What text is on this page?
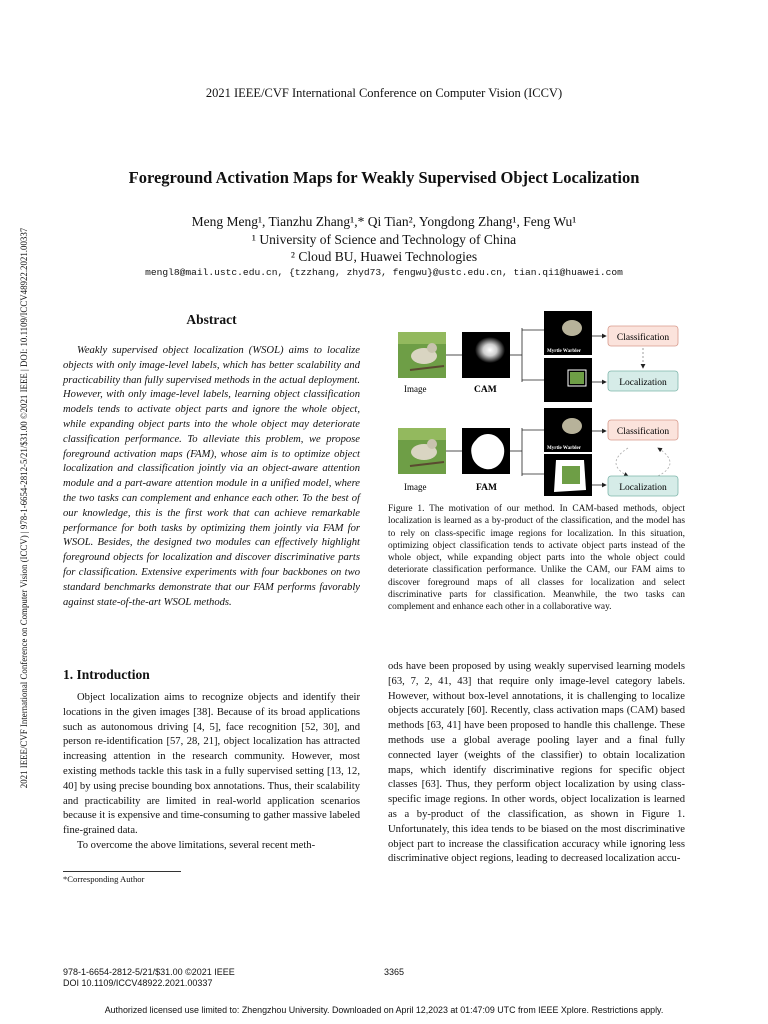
2021 IEEE/CVF International Conference on Computer Vision (ICCV) | 978-1-6654-2812-5/21/$31.00 ©2021 IEEE | DOI: 10.1109/ICCV48922.2021.00337
2021 IEEE/CVF International Conference on Computer Vision (ICCV)
Foreground Activation Maps for Weakly Supervised Object Localization
Meng Meng¹, Tianzhu Zhang¹,* Qi Tian², Yongdong Zhang¹, Feng Wu¹
¹ University of Science and Technology of China
² Cloud BU, Huawei Technologies
mengl8@mail.ustc.edu.cn, {tzzhang, zhyd73, fengwu}@ustc.edu.cn, tian.qi1@huawei.com
Abstract
Weakly supervised object localization (WSOL) aims to localize objects with only image-level labels, which has better scalability and practicability than fully supervised methods in the actual deployment. However, with only image-level labels, learning object classification models tends to activate object parts and ignore the whole object, while expanding object parts into the whole object may deteriorate classification performance. To alleviate this problem, we propose foreground activation maps (FAM), whose aim is to optimize object localization and classification jointly via an object-aware attention module and a part-aware attention module in a unified model, where the two tasks can complement and enhance each other. To the best of our knowledge, this is the first work that can achieve remarkable performance for both tasks by optimizing them jointly via FAM for WSOL. Besides, the designed two modules can effectively highlight foreground objects for localization and discover discriminative parts for classification. Extensive experiments with four backbones on two standard benchmarks demonstrate that our FAM performs favorably against state-of-the-art WSOL methods.
1. Introduction

Object localization aims to recognize objects and identify their locations in the given images [38]. Because of its broad applications such as autonomous driving [4, 5], face recognition [52, 30], and person re-identification [57, 28, 21], object localization has attracted increasing attention in the research community. However, most existing methods tackle this task in a fully supervised setting [13, 12, 40] by using precise bounding box annotations. Thus, their scalability and practicability are limited in real-world application scenarios because it is expensive and time-consuming to gather massive labeled fine-grained data.

To overcome the above limitations, several recent meth-

Image	CAM
Myrtle Warbler
Classification
Localization
Image	FAM
Myrtle Warbler
Classification
Localization
Figure 1. The motivation of our method. In CAM-based methods, object localization is learned as a by-product of the classification, and the model has to rely on class-specific image regions for localization. In this situation, optimizing object classification tends to activate object parts instead of the whole object, while expanding object parts into the whole object could deteriorate classification performance. Unlike the CAM, our FAM aims to discover foreground maps of all classes for localization and select discriminative parts for classification. Meanwhile, the two tasks can complement and enhance each other in a collaborative way.
ods have been proposed by using weakly supervised learning models [63, 7, 2, 41, 43] that require only image-level category labels. However, without box-level annotations, it is challenging to localize objects accurately [60]. Recently, class activation maps (CAM) based methods [63, 41] have been proposed to handle this challenge. These methods use a global average pooling layer and a final fully connected layer (weights of the classifier) to obtain localization maps, which identify discriminative regions for specific object classes [63]. Thus, they perform object localization by using class-specific image regions. In other words, object localization is learned as a by-product of the classification, as shown in Figure 1. Unfortunately, this idea tends to be biased on the most discriminative object part to increase the classification accuracy while ignoring less discriminative object regions, leading to decreased localization accu-
*Corresponding Author
978-1-6654-2812-5/21/$31.00 ©2021 IEEE
DOI 10.1109/ICCV48922.2021.00337
3365
Authorized licensed use limited to: Zhengzhou University. Downloaded on April 12,2023 at 01:47:09 UTC from IEEE Xplore. Restrictions apply.
